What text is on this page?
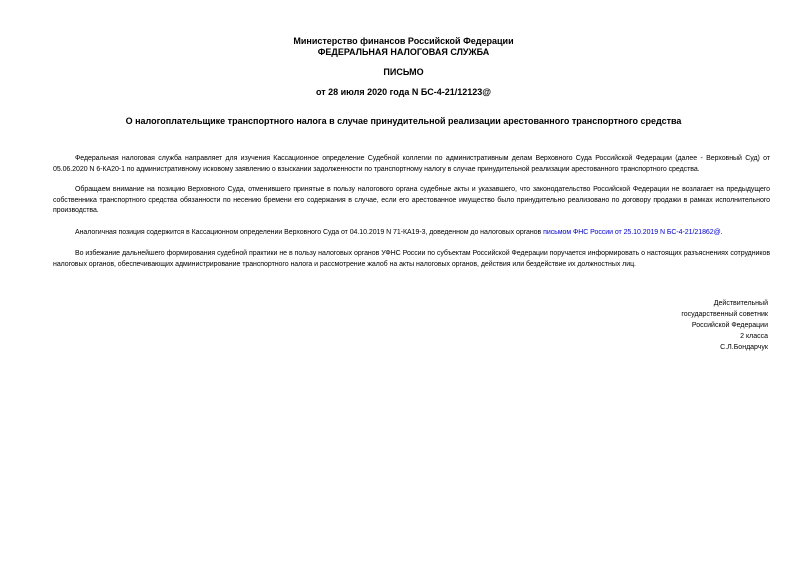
Министерство финансов Российской Федерации
ФЕДЕРАЛЬНАЯ НАЛОГОВАЯ СЛУЖБА
ПИСЬМО
от 28 июля 2020 года N БС-4-21/12123@
О налогоплательщике транспортного налога в случае принудительной реализации арестованного транспортного средства
Федеральная налоговая служба направляет для изучения Кассационное определение Судебной коллегии по административным делам Верховного Суда Российской Федерации (далее - Верховный Суд) от 05.06.2020 N 6-КА20-1 по административному исковому заявлению о взыскании задолженности по транспортному налогу в случае принудительной реализации арестованного транспортного средства.
Обращаем внимание на позицию Верховного Суда, отменившего принятые в пользу налогового органа судебные акты и указавшего, что законодательство Российской Федерации не возлагает на предыдущего собственника транспортного средства обязанности по несению бремени его содержания в случае, если его арестованное имущество было принудительно реализовано по договору продажи в рамках исполнительного производства.
Аналогичная позиция содержится в Кассационном определении Верховного Суда от 04.10.2019 N 71-КА19-3, доведенном до налоговых органов письмом ФНС России от 25.10.2019 N БС-4-21/21862@.
Во избежание дальнейшего формирования судебной практики не в пользу налоговых органов УФНС России по субъектам Российской Федерации поручается информировать о настоящих разъяснениях сотрудников налоговых органов, обеспечивающих администрирование транспортного налога и рассмотрение жалоб на акты налоговых органов, действия или бездействие их должностных лиц.
Действительный
государственный советник
Российской Федерации
2 класса
С.Л.Бондарчук
